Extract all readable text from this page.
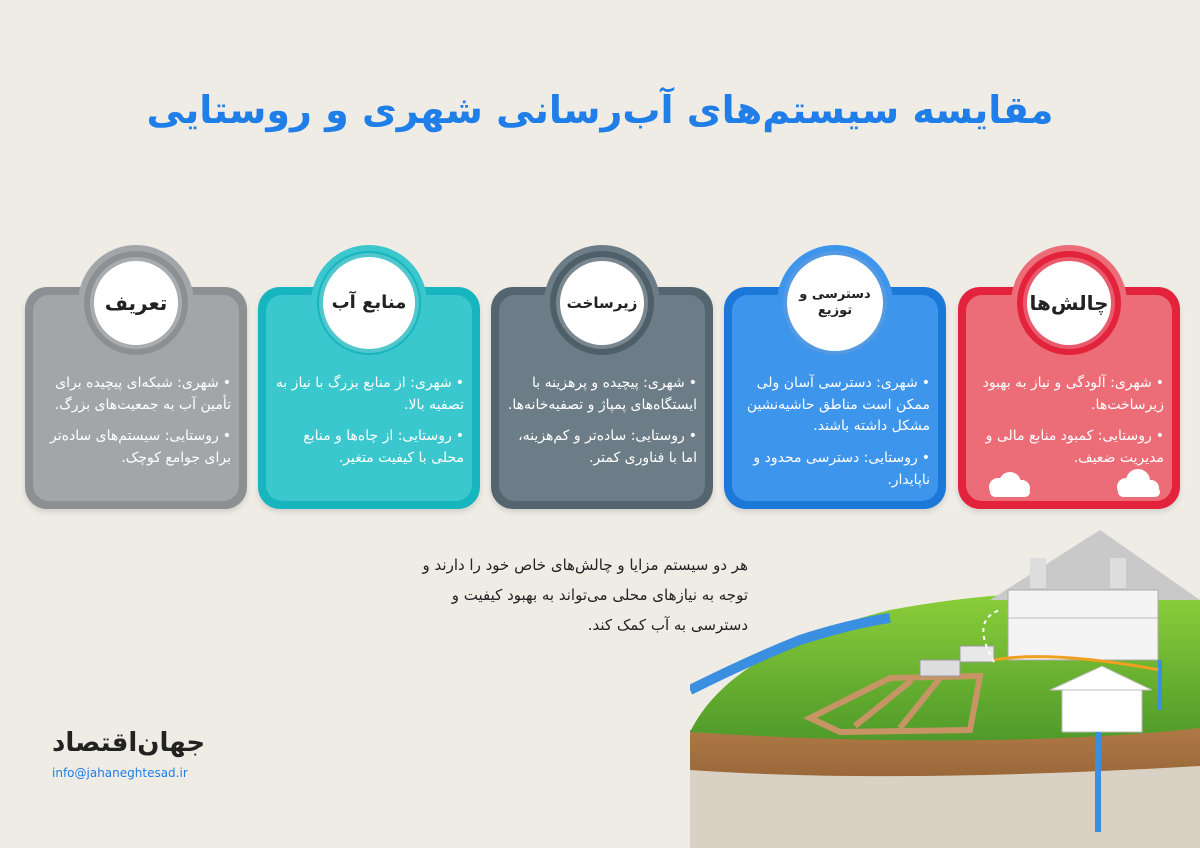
مقایسه سیستم‌های آب‌رسانی شهری و روستایی
چالش‌ها

•شهری: آلودگی و نیاز به بهبود زیرساخت‌ها.

•روستایی: کمبود منابع مالی و مدیریت ضعیف.

دسترسی و توزیع

•شهری: دسترسی آسان ولی ممکن است مناطق حاشیه‌نشین مشکل داشته باشند.

•روستایی: دسترسی محدود و ناپایدار.

زیرساخت

•شهری: پیچیده و پرهزینه با ایستگاه‌های پمپاژ و تصفیه‌خانه‌ها.

•روستایی: ساده‌تر و کم‌هزینه، اما با فناوری کمتر.

منابع آب

•شهری: از منابع بزرگ با نیاز به تصفیه بالا.

•روستایی: از چاه‌ها و منابع محلی با کیفیت متغیر.

تعریف

•شهری: شبکه‌ای پیچیده برای تأمین آب به جمعیت‌های بزرگ.

•روستایی: سیستم‌های ساده‌تر برای جوامع کوچک.

هر دو سیستم مزایا و چالش‌های خاص خود را دارند و توجه به نیازهای محلی می‌تواند به بهبود کیفیت و دسترسی به آب کمک کند.
جهان‌اقتصاد
info@jahaneghtesad.ir
